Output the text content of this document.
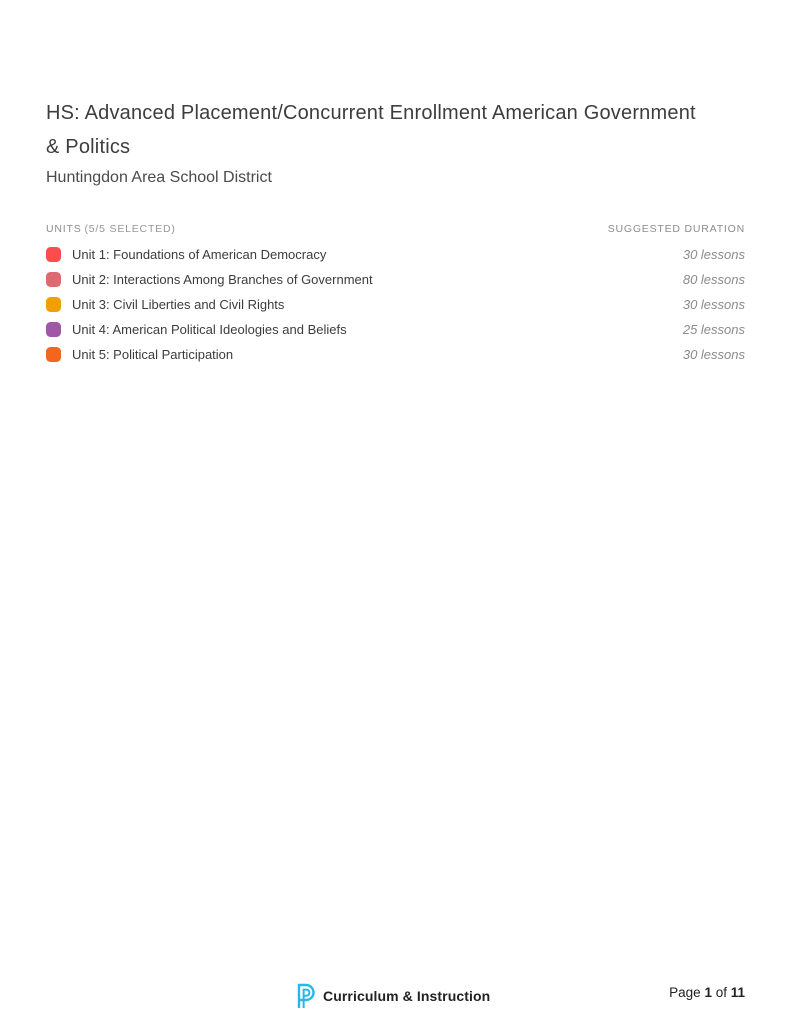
HS: Advanced Placement/Concurrent Enrollment American Government & Politics
Huntingdon Area School District
UNITS (5/5 SELECTED)	SUGGESTED DURATION
Unit 1: Foundations of American Democracy	30 lessons
Unit 2: Interactions Among Branches of Government	80 lessons
Unit 3: Civil Liberties and Civil Rights	30 lessons
Unit 4: American Political Ideologies and Beliefs	25 lessons
Unit 5: Political Participation	30 lessons
Curriculum & Instruction	Page 1 of 11
